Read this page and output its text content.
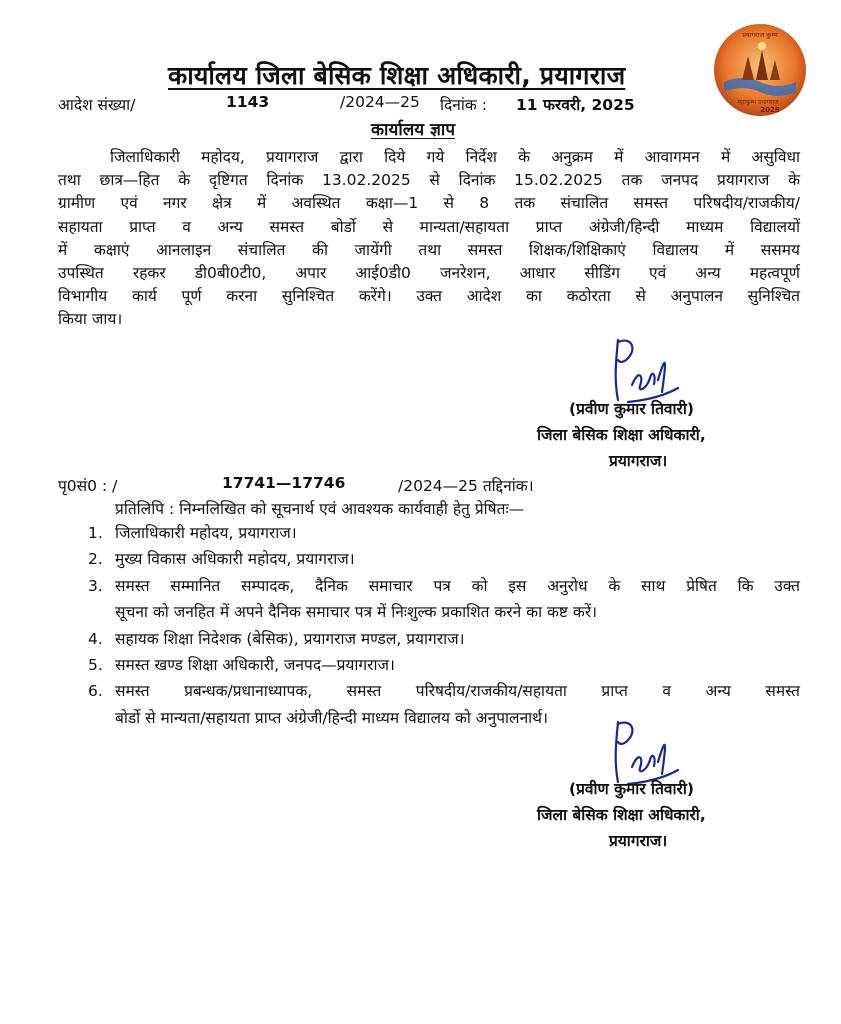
कार्यालय जिला बेसिक शिक्षा अधिकारी, प्रयागराज
प्रयागराज कुम्भ
महाकुम्भ प्रयागराज
2025
आदेश संख्या/	1143	/2024—25 दिनांक : 11 फरवरी, 2025
कार्यालय ज्ञाप
जिलाधिकारी महोदय, प्रयागराज द्वारा दिये गये निर्देश के अनुक्रम में आवागमन में असुविधा
तथा छात्र—हित के दृष्टिगत दिनांक 13.02.2025 से दिनांक 15.02.2025 तक जनपद प्रयागराज के
ग्रामीण एवं नगर क्षेत्र में अवस्थित कक्षा—1 से 8 तक संचालित समस्त परिषदीय/राजकीय/
सहायता प्राप्त व अन्य समस्त बोर्डो से मान्यता/सहायता प्राप्त अंग्रेजी/हिन्दी माध्यम विद्यालयों
में कक्षाएं आनलाइन संचालित की जायेंगी तथा समस्त शिक्षक/शिक्षिकाएं विद्यालय में ससमय
उपस्थित रहकर डी0बी0टी0, अपार आई0डी0 जनरेशन, आधार सीडिंग एवं अन्य महत्वपूर्ण
विभागीय कार्य पूर्ण करना सुनिश्चित करेंगे। उक्त आदेश का कठोरता से अनुपालन सुनिश्चित
किया जाय।
(प्रवीण कुमार तिवारी)
जिला बेसिक शिक्षा अधिकारी,
प्रयागराज।
पृ0सं0 : /	17741—17746	/2024—25 तद्दिनांक।
प्रतिलिपि : निम्नलिखित को सूचनार्थ एवं आवश्यक कार्यवाही हेतु प्रेषितः—
1. जिलाधिकारी महोदय, प्रयागराज।
2. मुख्य विकास अधिकारी महोदय, प्रयागराज।
3. समस्त सम्मानित सम्पादक, दैनिक समाचार पत्र को इस अनुरोध के साथ प्रेषित कि उक्त
सूचना को जनहित में अपने दैनिक समाचार पत्र में निःशुल्क प्रकाशित करने का कष्ट करें।
4. सहायक शिक्षा निदेशक (बेसिक), प्रयागराज मण्डल, प्रयागराज।
5. समस्त खण्ड शिक्षा अधिकारी, जनपद—प्रयागराज।
6. समस्त प्रबन्धक/प्रधानाध्यापक, समस्त परिषदीय/राजकीय/सहायता प्राप्त व अन्य समस्त
बोर्डो से मान्यता/सहायता प्राप्त अंग्रेजी/हिन्दी माध्यम विद्यालय को अनुपालनार्थ।
(प्रवीण कुमार तिवारी)
जिला बेसिक शिक्षा अधिकारी,
प्रयागराज।
